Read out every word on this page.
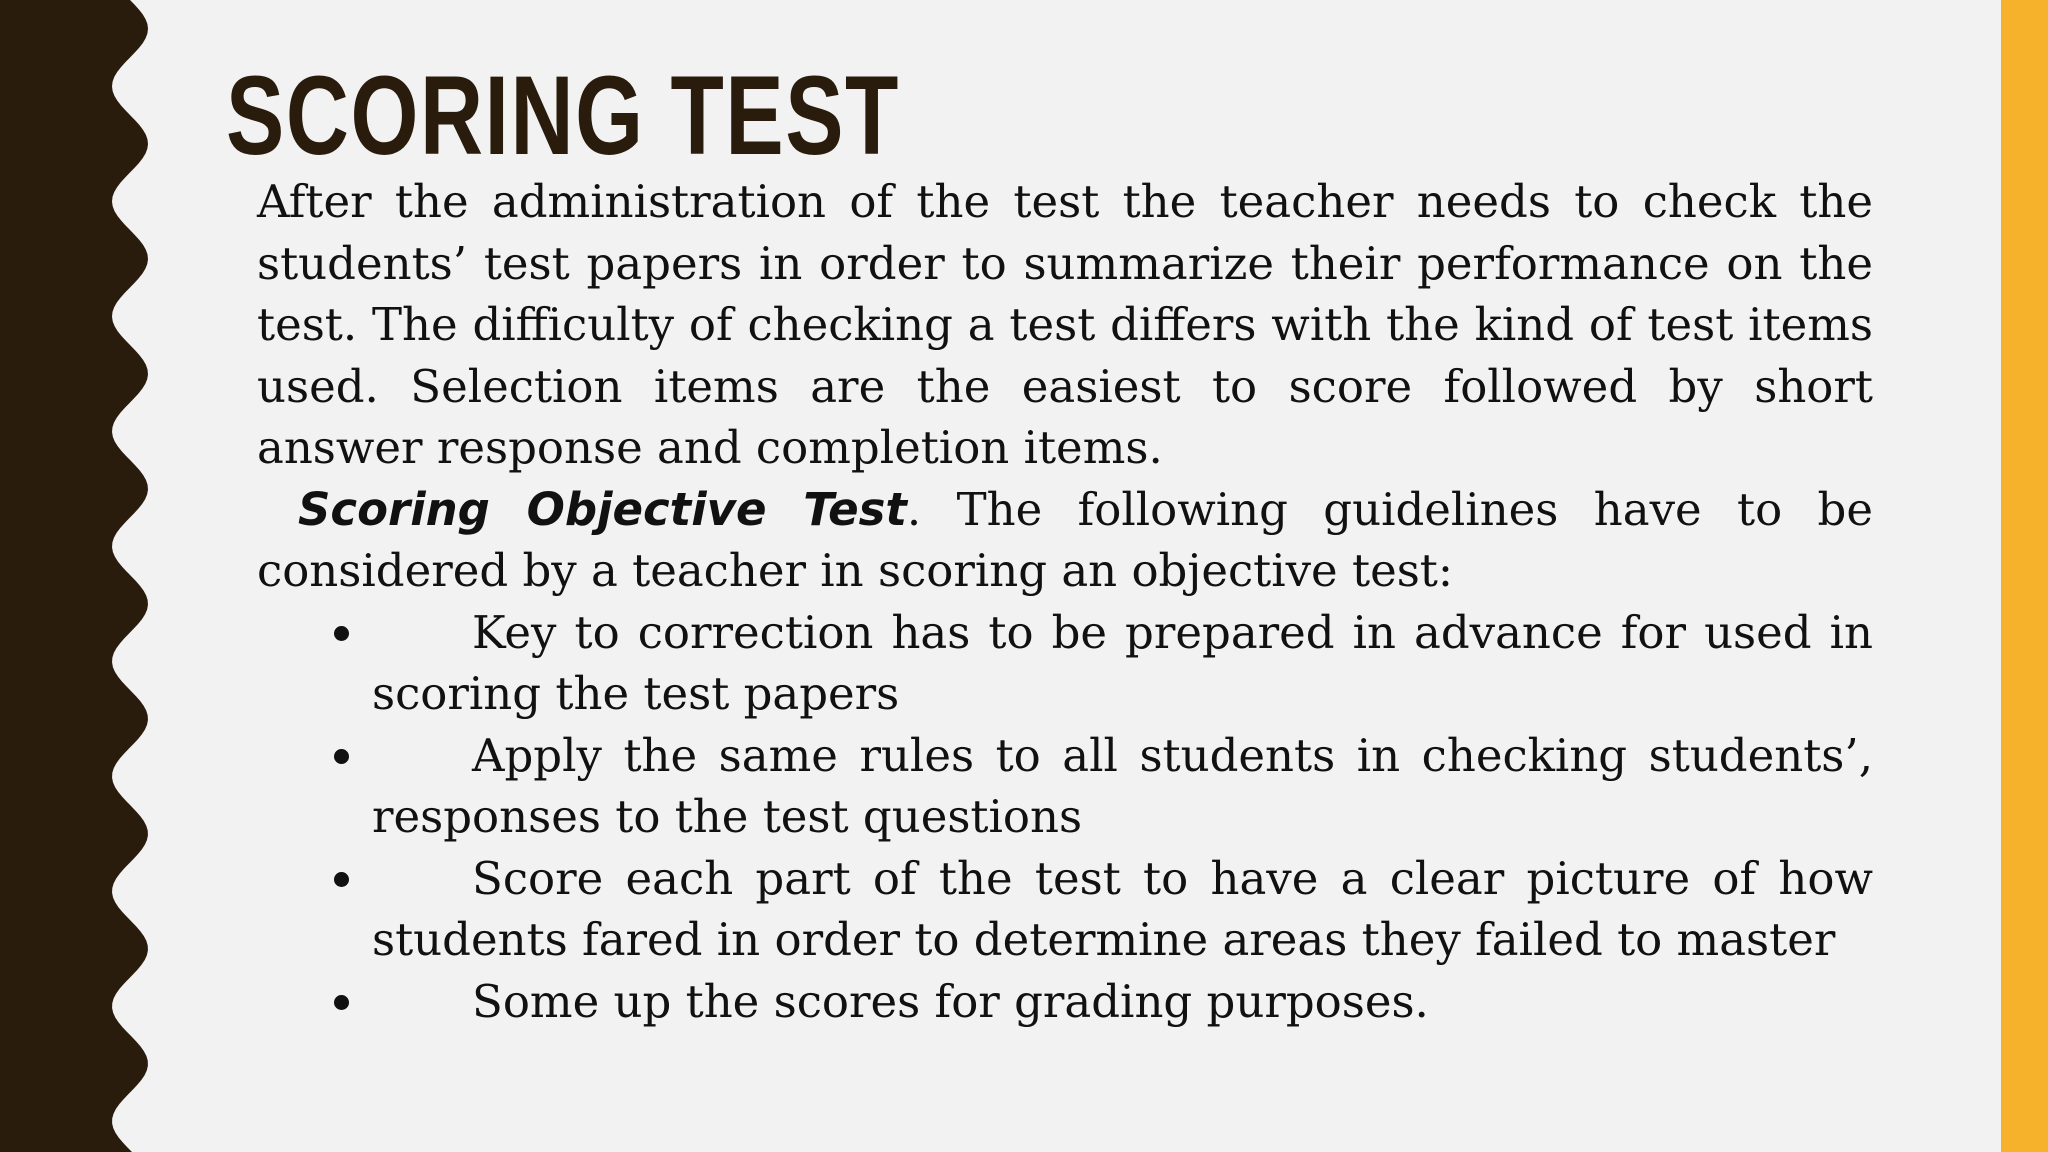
SCORING TEST

After the administration of the test the teacher needs to check the students’ test papers in order to summarize their performance on the test. The difficulty of checking a test differs with the kind of test items used. Selection items are the easiest to score followed by short answer response and completion items.

Scoring Objective Test. The following guidelines have to be considered by a teacher in scoring an objective test:

Key to correction has to be prepared in advance for used in scoring the test papers
Apply the same rules to all students in checking students’, responses to the test questions
Score each part of the test to have a clear picture of how students fared in order to determine areas they failed to master
Some up the scores for grading purposes.
